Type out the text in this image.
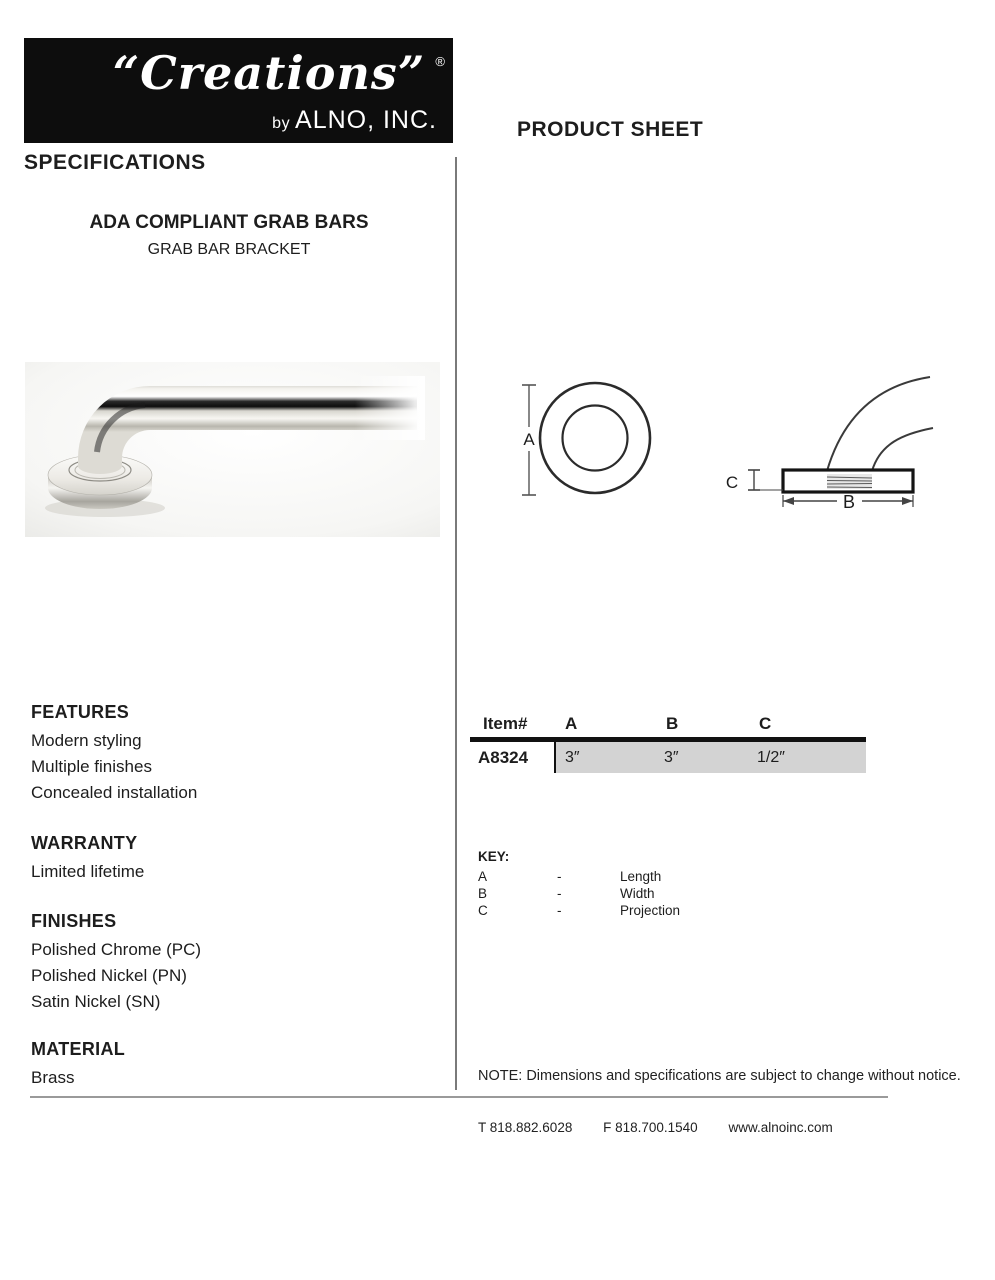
“Creations” ®
by ALNO, INC.	PRODUCT SHEET
SPECIFICATIONS
ADA COMPLIANT GRAB BARS
GRAB BAR BRACKET
A
C
B
FEATURES
Modern styling
Multiple finishes
Concealed installation
WARRANTY
Limited lifetime
FINISHES
Polished Chrome (PC)
Polished Nickel (PN)
Satin Nickel (SN)
MATERIAL
Brass
Item#	A	B	C
A8324	3″	3″	1/2″
KEY:
A	-	Length
B	-	Width
C	-	Projection
NOTE: Dimensions and specifications are subject to change without notice.
T 818.882.6028 F 818.700.1540 www.alnoinc.com
